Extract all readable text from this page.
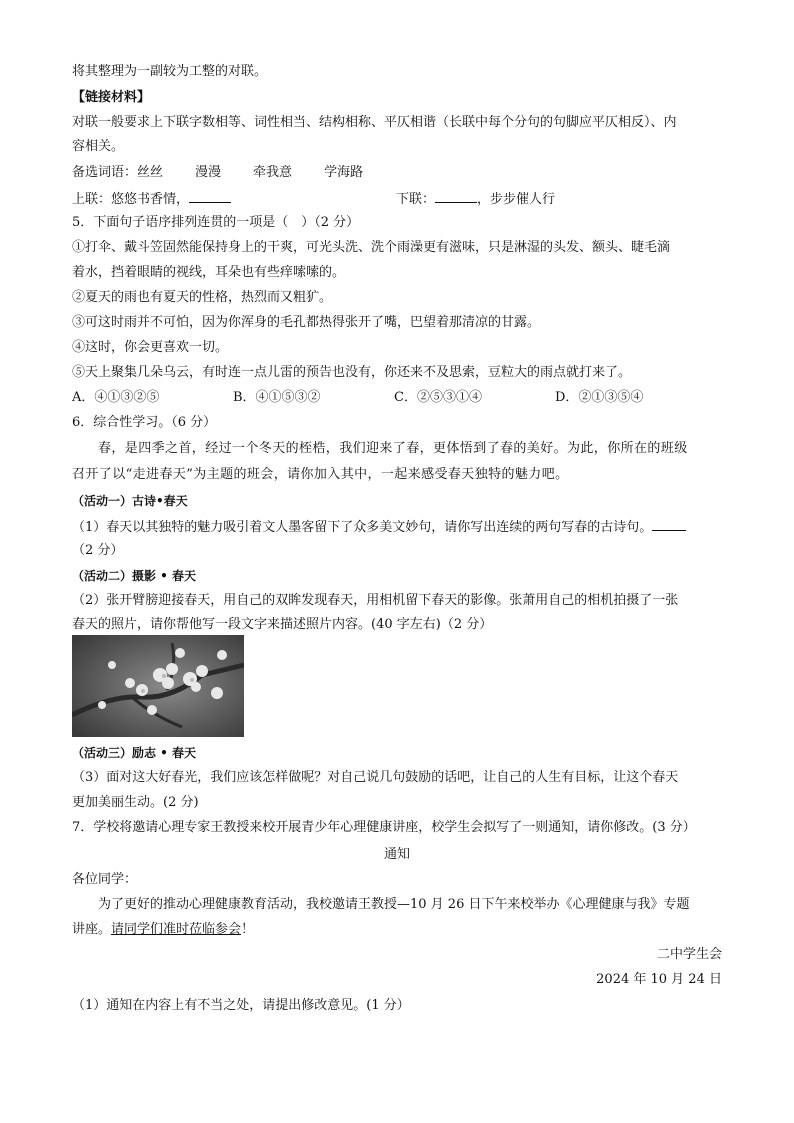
将其整理为一副较为工整的对联。
【链接材料】
对联一般要求上下联字数相等、词性相当、结构相称、平仄相谐（长联中每个分句的句脚应平仄相反）、内
容相关。
备选词语：丝丝 漫漫 牵我意 学海路
上联：悠悠书香情，	下联：	，步步催人行
5．下面句子语序排列连贯的一项是（　）（2 分）
①打伞、戴斗笠固然能保持身上的干爽，可光头洗、洗个雨澡更有滋味，只是淋湿的头发、额头、睫毛滴
着水，挡着眼睛的视线，耳朵也有些痒嗦嗦的。
②夏天的雨也有夏天的性格，热烈而又粗犷。
③可这时雨并不可怕，因为你浑身的毛孔都热得张开了嘴，巴望着那清凉的甘露。
④这时，你会更喜欢一切。
⑤天上聚集几朵乌云，有时连一点儿雷的预告也没有，你还来不及思索，豆粒大的雨点就打来了。
A．④①③②⑤	B．④①⑤③②	C．②⑤③①④	D．②①③⑤④
6．综合性学习。（6 分）
春，是四季之首，经过一个冬天的桎梏，我们迎来了春，更体悟到了春的美好。为此，你所在的班级
召开了以“走进春天”为主题的班会，请你加入其中，一起来感受春天独特的魅力吧。
（活动一）古诗•春天
（1）春天以其独特的魅力吸引着文人墨客留下了众多美文妙句，请你写出连续的两句写春的古诗句。
（2 分）
（活动二）摄影 • 春天
（2）张开臂膀迎接春天，用自己的双眸发现春天，用相机留下春天的影像。张萧用自己的相机拍摄了一张
春天的照片，请你帮他写一段文字来描述照片内容。(40 字左右)（2 分）
（活动三）励志 • 春天
（3）面对这大好春光，我们应该怎样做呢？对自己说几句鼓励的话吧，让自己的人生有目标，让这个春天
更加美丽生动。(2 分)
7．学校将邀请心理专家王教授来校开展青少年心理健康讲座，校学生会拟写了一则通知，请你修改。(3 分）
通知
各位同学：
为了更好的推动心理健康教育活动，我校邀请王教授—10 月 26 日下午来校举办《心理健康与我》专题
讲座。请同学们准时莅临参会！
二中学生会
2024 年 10 月 24 日
（1）通知在内容上有不当之处，请提出修改意见。(1 分）
